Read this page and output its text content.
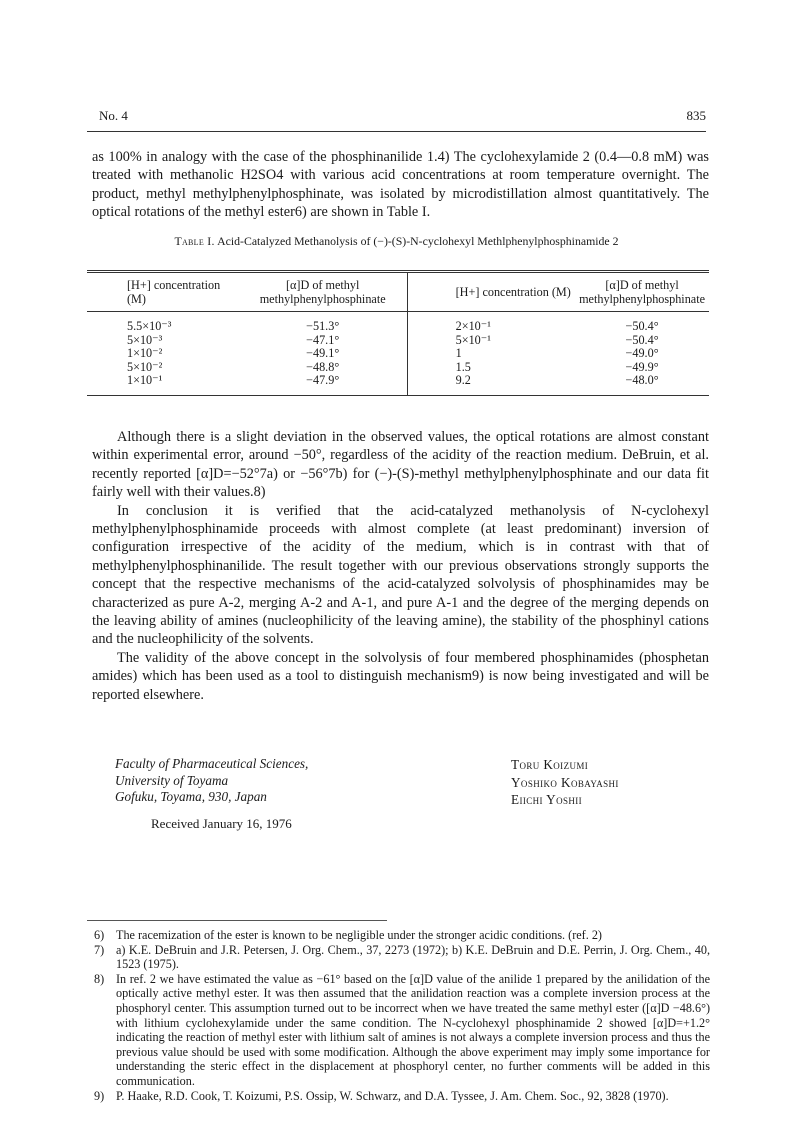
No. 4	835

as 100% in analogy with the case of the phosphinanilide 1.4) The cyclohexylamide 2 (0.4—0.8 mM) was treated with methanolic H2SO4 with various acid concentrations at room temperature overnight. The product, methyl methylphenylphosphinate, was isolated by microdistillation almost quantitatively. The optical rotations of the methyl ester6) are shown in Table I.

Table I. Acid-Catalyzed Methanolysis of (−)-(S)-N-cyclohexyl Methlphenylphosphinamide 2
[H+] concentration (M)	[α]D of methyl methylphenylphosphinate	[H+] concentration (M)	[α]D of methyl methylphenylphosphinate
5.5×10⁻³	−51.3°	2×10⁻¹	−50.4°
5×10⁻³	−47.1°	5×10⁻¹	−50.4°
1×10⁻²	−49.1°	1	−49.0°
5×10⁻²	−48.8°	1.5	−49.9°
1×10⁻¹	−47.9°	9.2	−48.0°

Although there is a slight deviation in the observed values, the optical rotations are almost constant within experimental error, around −50°, regardless of the acidity of the reaction medium. DeBruin, et al. recently reported [α]D=−52°7a) or −56°7b) for (−)-(S)-methyl methylphenylphosphinate and our data fit fairly well with their values.8)

In conclusion it is verified that the acid-catalyzed methanolysis of N-cyclohexyl methylphenylphosphinamide proceeds with almost complete (at least predominant) inversion of configuration irrespective of the acidity of the medium, which is in contrast with that of methylphenylphosphinanilide. The result together with our previous observations strongly supports the concept that the respective mechanisms of the acid-catalyzed solvolysis of phosphinamides may be characterized as pure A-2, merging A-2 and A-1, and pure A-1 and the degree of the merging depends on the leaving ability of amines (nucleophilicity of the leaving amine), the stability of the phosphinyl cations and the nucleophilicity of the solvents.

The validity of the above concept in the solvolysis of four membered phosphinamides (phosphetan amides) which has been used as a tool to distinguish mechanism9) is now being investigated and will be reported elsewhere.

Faculty of Pharmaceutical Sciences,
University of Toyama
Gofuku, Toyama, 930, Japan
Toru Koizumi
Yoshiko Kobayashi
Eiichi Yoshii
Received January 16, 1976

6) The racemization of the ester is known to be negligible under the stronger acidic conditions. (ref. 2)

7) a) K.E. DeBruin and J.R. Petersen, J. Org. Chem., 37, 2273 (1972); b) K.E. DeBruin and D.E. Perrin, J. Org. Chem., 40, 1523 (1975).

8) In ref. 2 we have estimated the value as −61° based on the [α]D value of the anilide 1 prepared by the anilidation of the optically active methyl ester. It was then assumed that the anilidation reaction was a complete inversion process at the phosphoryl center. This assumption turned out to be incorrect when we have treated the same methyl ester ([α]D −48.6°) with lithium cyclohexylamide under the same condition. The N-cyclohexyl phosphinamide 2 showed [α]D=+1.2° indicating the reaction of methyl ester with lithium salt of amines is not always a complete inversion process and thus the previous value should be used with some modification. Although the above experiment may imply some importance for understanding the steric effect in the displacement at phosphoryl center, no further comments will be added in this communication.

9) P. Haake, R.D. Cook, T. Koizumi, P.S. Ossip, W. Schwarz, and D.A. Tyssee, J. Am. Chem. Soc., 92, 3828 (1970).
